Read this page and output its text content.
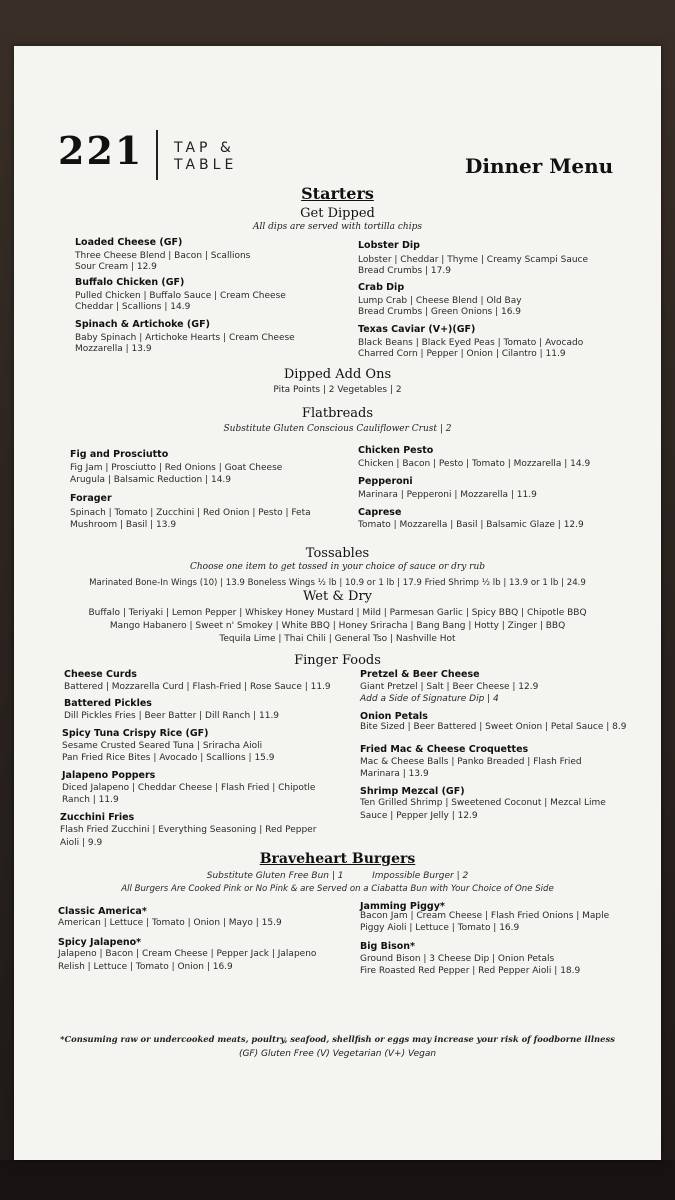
221 TAP &
TABLE	Dinner Menu
Starters
Get Dipped
All dips are served with tortilla chips
Loaded Cheese (GF)
Three Cheese Blend | Bacon | Scallions
Sour Cream | 12.9
Buffalo Chicken (GF)
Pulled Chicken | Buffalo Sauce | Cream Cheese
Cheddar | Scallions | 14.9
Spinach & Artichoke (GF)
Baby Spinach | Artichoke Hearts | Cream Cheese
Mozzarella | 13.9
Lobster Dip
Lobster | Cheddar | Thyme | Creamy Scampi Sauce
Bread Crumbs | 17.9
Crab Dip
Lump Crab | Cheese Blend | Old Bay
Bread Crumbs | Green Onions | 16.9
Texas Caviar (V+)(GF)
Black Beans | Black Eyed Peas | Tomato | Avocado
Charred Corn | Pepper | Onion | Cilantro | 11.9
Dipped Add Ons
Pita Points | 2 Vegetables | 2
Flatbreads
Substitute Gluten Conscious Cauliflower Crust | 2
Fig and Prosciutto
Fig Jam | Prosciutto | Red Onions | Goat Cheese
Arugula | Balsamic Reduction | 14.9
Forager
Spinach | Tomato | Zucchini | Red Onion | Pesto | Feta
Mushroom | Basil | 13.9
Chicken Pesto
Chicken | Bacon | Pesto | Tomato | Mozzarella | 14.9
Pepperoni
Marinara | Pepperoni | Mozzarella | 11.9
Caprese
Tomato | Mozzarella | Basil | Balsamic Glaze | 12.9
Tossables
Choose one item to get tossed in your choice of sauce or dry rub
Marinated Bone-In Wings (10) | 13.9 Boneless Wings ½ lb | 10.9 or 1 lb | 17.9 Fried Shrimp ½ lb | 13.9 or 1 lb | 24.9
Wet & Dry
Buffalo | Teriyaki | Lemon Pepper | Whiskey Honey Mustard | Mild | Parmesan Garlic | Spicy BBQ | Chipotle BBQ
Mango Habanero | Sweet n' Smokey | White BBQ | Honey Sriracha | Bang Bang | Hotty | Zinger | BBQ
Tequila Lime | Thai Chili | General Tso | Nashville Hot
Finger Foods
Cheese Curds
Battered | Mozzarella Curd | Flash-Fried | Rose Sauce | 11.9
Battered Pickles
Dill Pickles Fries | Beer Batter | Dill Ranch | 11.9
Spicy Tuna Crispy Rice (GF)
Sesame Crusted Seared Tuna | Sriracha Aioli
Pan Fried Rice Bites | Avocado | Scallions | 15.9
Jalapeno Poppers
Diced Jalapeno | Cheddar Cheese | Flash Fried | Chipotle
Ranch | 11.9
Zucchini Fries
Flash Fried Zucchini | Everything Seasoning | Red Pepper
Aioli | 9.9
Pretzel & Beer Cheese
Giant Pretzel | Salt | Beer Cheese | 12.9
Add a Side of Signature Dip | 4
Onion Petals
Bite Sized | Beer Battered | Sweet Onion | Petal Sauce | 8.9
Fried Mac & Cheese Croquettes
Mac & Cheese Balls | Panko Breaded | Flash Fried
Marinara | 13.9
Shrimp Mezcal (GF)
Ten Grilled Shrimp | Sweetened Coconut | Mezcal Lime
Sauce | Pepper Jelly | 12.9
Braveheart Burgers
Substitute Gluten Free Bun | 1          Impossible Burger | 2
All Burgers Are Cooked Pink or No Pink & are Served on a Ciabatta Bun with Your Choice of One Side
Classic America*
American | Lettuce | Tomato | Onion | Mayo | 15.9
Spicy Jalapeno*
Jalapeno | Bacon | Cream Cheese | Pepper Jack | Jalapeno
Relish | Lettuce | Tomato | Onion | 16.9
Jamming Piggy*
Bacon Jam | Cream Cheese | Flash Fried Onions | Maple
Piggy Aioli | Lettuce | Tomato | 16.9
Big Bison*
Ground Bison | 3 Cheese Dip | Onion Petals
Fire Roasted Red Pepper | Red Pepper Aioli | 18.9
*Consuming raw or undercooked meats, poultry, seafood, shellfish or eggs may increase your risk of foodborne illness
(GF) Gluten Free (V) Vegetarian (V+) Vegan
